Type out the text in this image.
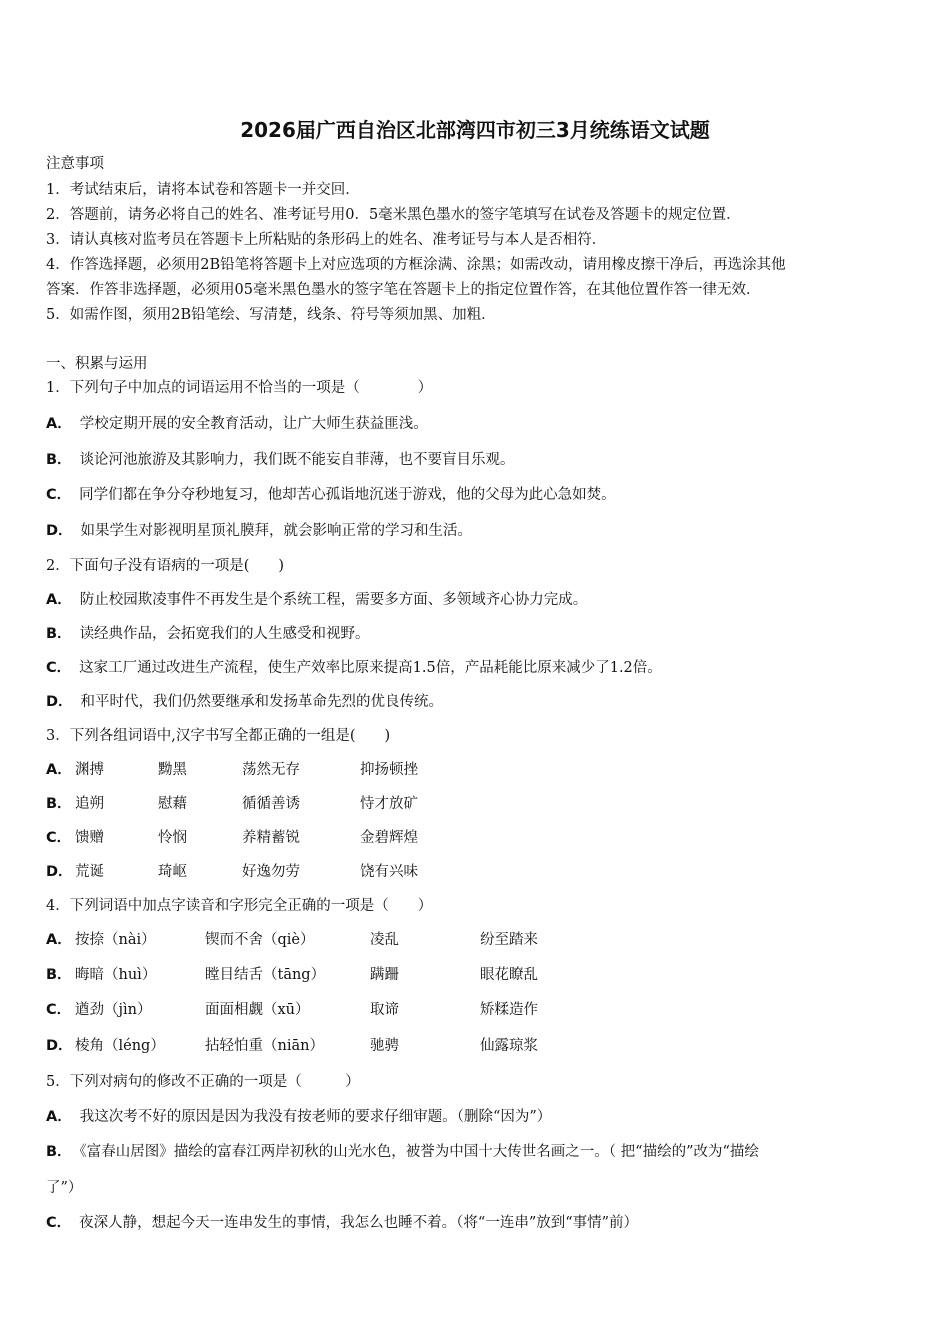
2026届广西自治区北部湾四市初三3月统练语文试题
注意事项
1．考试结束后，请将本试卷和答题卡一并交回．
2．答题前，请务必将自己的姓名、准考证号用0．5毫米黑色墨水的签字笔填写在试卷及答题卡的规定位置．
3．请认真核对监考员在答题卡上所粘贴的条形码上的姓名、准考证号与本人是否相符．
4．作答选择题，必须用2B铅笔将答题卡上对应选项的方框涂满、涂黑；如需改动，请用橡皮擦干净后，再选涂其他
答案．作答非选择题，必须用05毫米黑色墨水的签字笔在答题卡上的指定位置作答，在其他位置作答一律无效．
5．如需作图，须用2B铅笔绘、写清楚，线条、符号等须加黑、加粗．
一、积累与运用
1．下列句子中加点的词语运用不恰当的一项是（　　　　）
A． 学校定期开展的安全教育活动，让广大师生获益匪浅。
B． 谈论河池旅游及其影响力，我们既不能妄自菲薄，也不要盲目乐观。
C． 同学们都在争分夺秒地复习，他却苦心孤诣地沉迷于游戏，他的父母为此心急如焚。
D． 如果学生对影视明星顶礼膜拜，就会影响正常的学习和生活。
2．下面句子没有语病的一项是(　　)
A． 防止校园欺凌事件不再发生是个系统工程，需要多方面、多领域齐心协力完成。
B． 读经典作品，会拓宽我们的人生感受和视野。
C． 这家工厂通过改进生产流程，使生产效率比原来提高1.5倍，产品耗能比原来减少了1.2倍。
D． 和平时代，我们仍然要继承和发扬革命先烈的优良传统。
3．下列各组词语中,汉字书写全都正确的一组是(　　)
A． 渊搏	黝黑	荡然无存	抑扬顿挫
B． 追朔	慰藉	循循善诱	恃才放矿
C． 馈赠	怜悯	养精蓄锐	金碧辉煌
D． 荒诞	琦岖	好逸勿劳	饶有兴味
4．下列词语中加点字读音和字形完全正确的一项是（　　）
A． 按捺（nài）	锲而不舍（qiè）	凌乱	纷至踏来
B． 晦暗（huì）	瞠目结舌（tāng）	蹒跚	眼花瞭乱
C． 遒劲（jìn）	面面相觑（xū）	取谛	矫糅造作
D． 棱角（léng）	拈轻怕重（niān）	驰骋	仙露琼浆
5．下列对病句的修改不正确的一项是（　　　）
A． 我这次考不好的原因是因为我没有按老师的要求仔细审题。（删除“因为”）
B． 《富春山居图》描绘的富春江两岸初秋的山光水色，被誉为中国十大传世名画之一。（ 把“描绘的”改为“描绘
了”）
C． 夜深人静，想起今天一连串发生的事情，我怎么也睡不着。（将“一连串”放到“事情”前）
